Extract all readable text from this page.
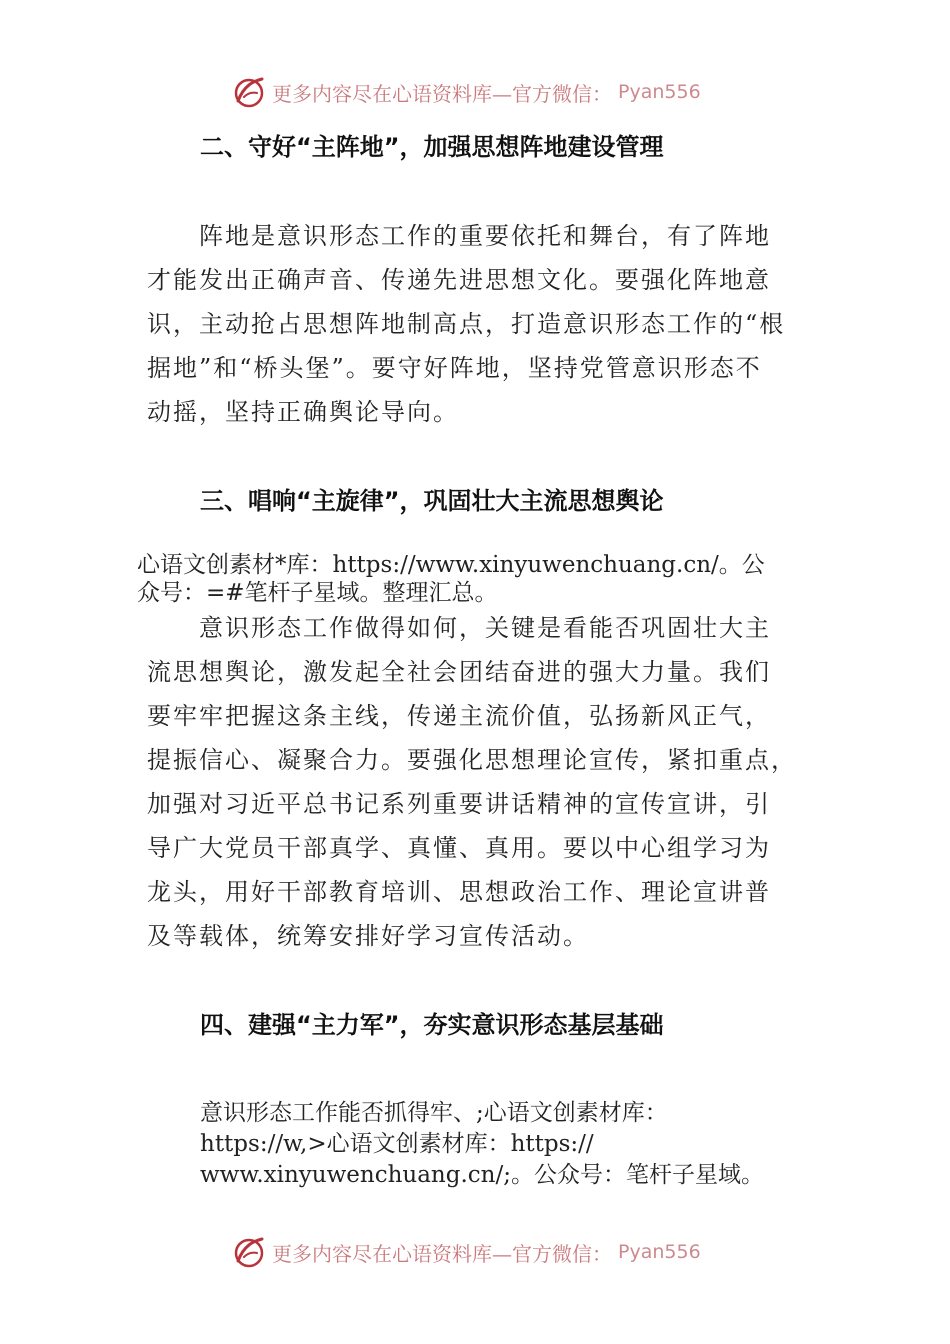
更多内容尽在心语资料库—官方微信： Pyan556
二、守好“主阵地”，加强思想阵地建设管理
阵地是意识形态工作的重要依托和舞台，有了阵地
才能发出正确声音、传递先进思想文化。要强化阵地意
识，主动抢占思想阵地制高点，打造意识形态工作的“根
据地”和“桥头堡”。要守好阵地，坚持党管意识形态不
动摇，坚持正确舆论导向。
三、唱响“主旋律”，巩固壮大主流思想舆论
心语文创素材*库：https://www.xinyuwenchuang.cn/。公
众号：=#笔杆子星域。整理汇总。
意识形态工作做得如何，关键是看能否巩固壮大主
流思想舆论，激发起全社会团结奋进的强大力量。我们
要牢牢把握这条主线，传递主流价值，弘扬新风正气，
提振信心、凝聚合力。要强化思想理论宣传，紧扣重点，
加强对习近平总书记系列重要讲话精神的宣传宣讲，引
导广大党员干部真学、真懂、真用。要以中心组学习为
龙头，用好干部教育培训、思想政治工作、理论宣讲普
及等载体，统筹安排好学习宣传活动。
四、建强“主力军”，夯实意识形态基层基础
意识形态工作能否抓得牢、;心语文创素材库：
https://w,>心语文创素材库：https://
www.xinyuwenchuang.cn/;。公众号：笔杆子星域。
更多内容尽在心语资料库—官方微信： Pyan556
